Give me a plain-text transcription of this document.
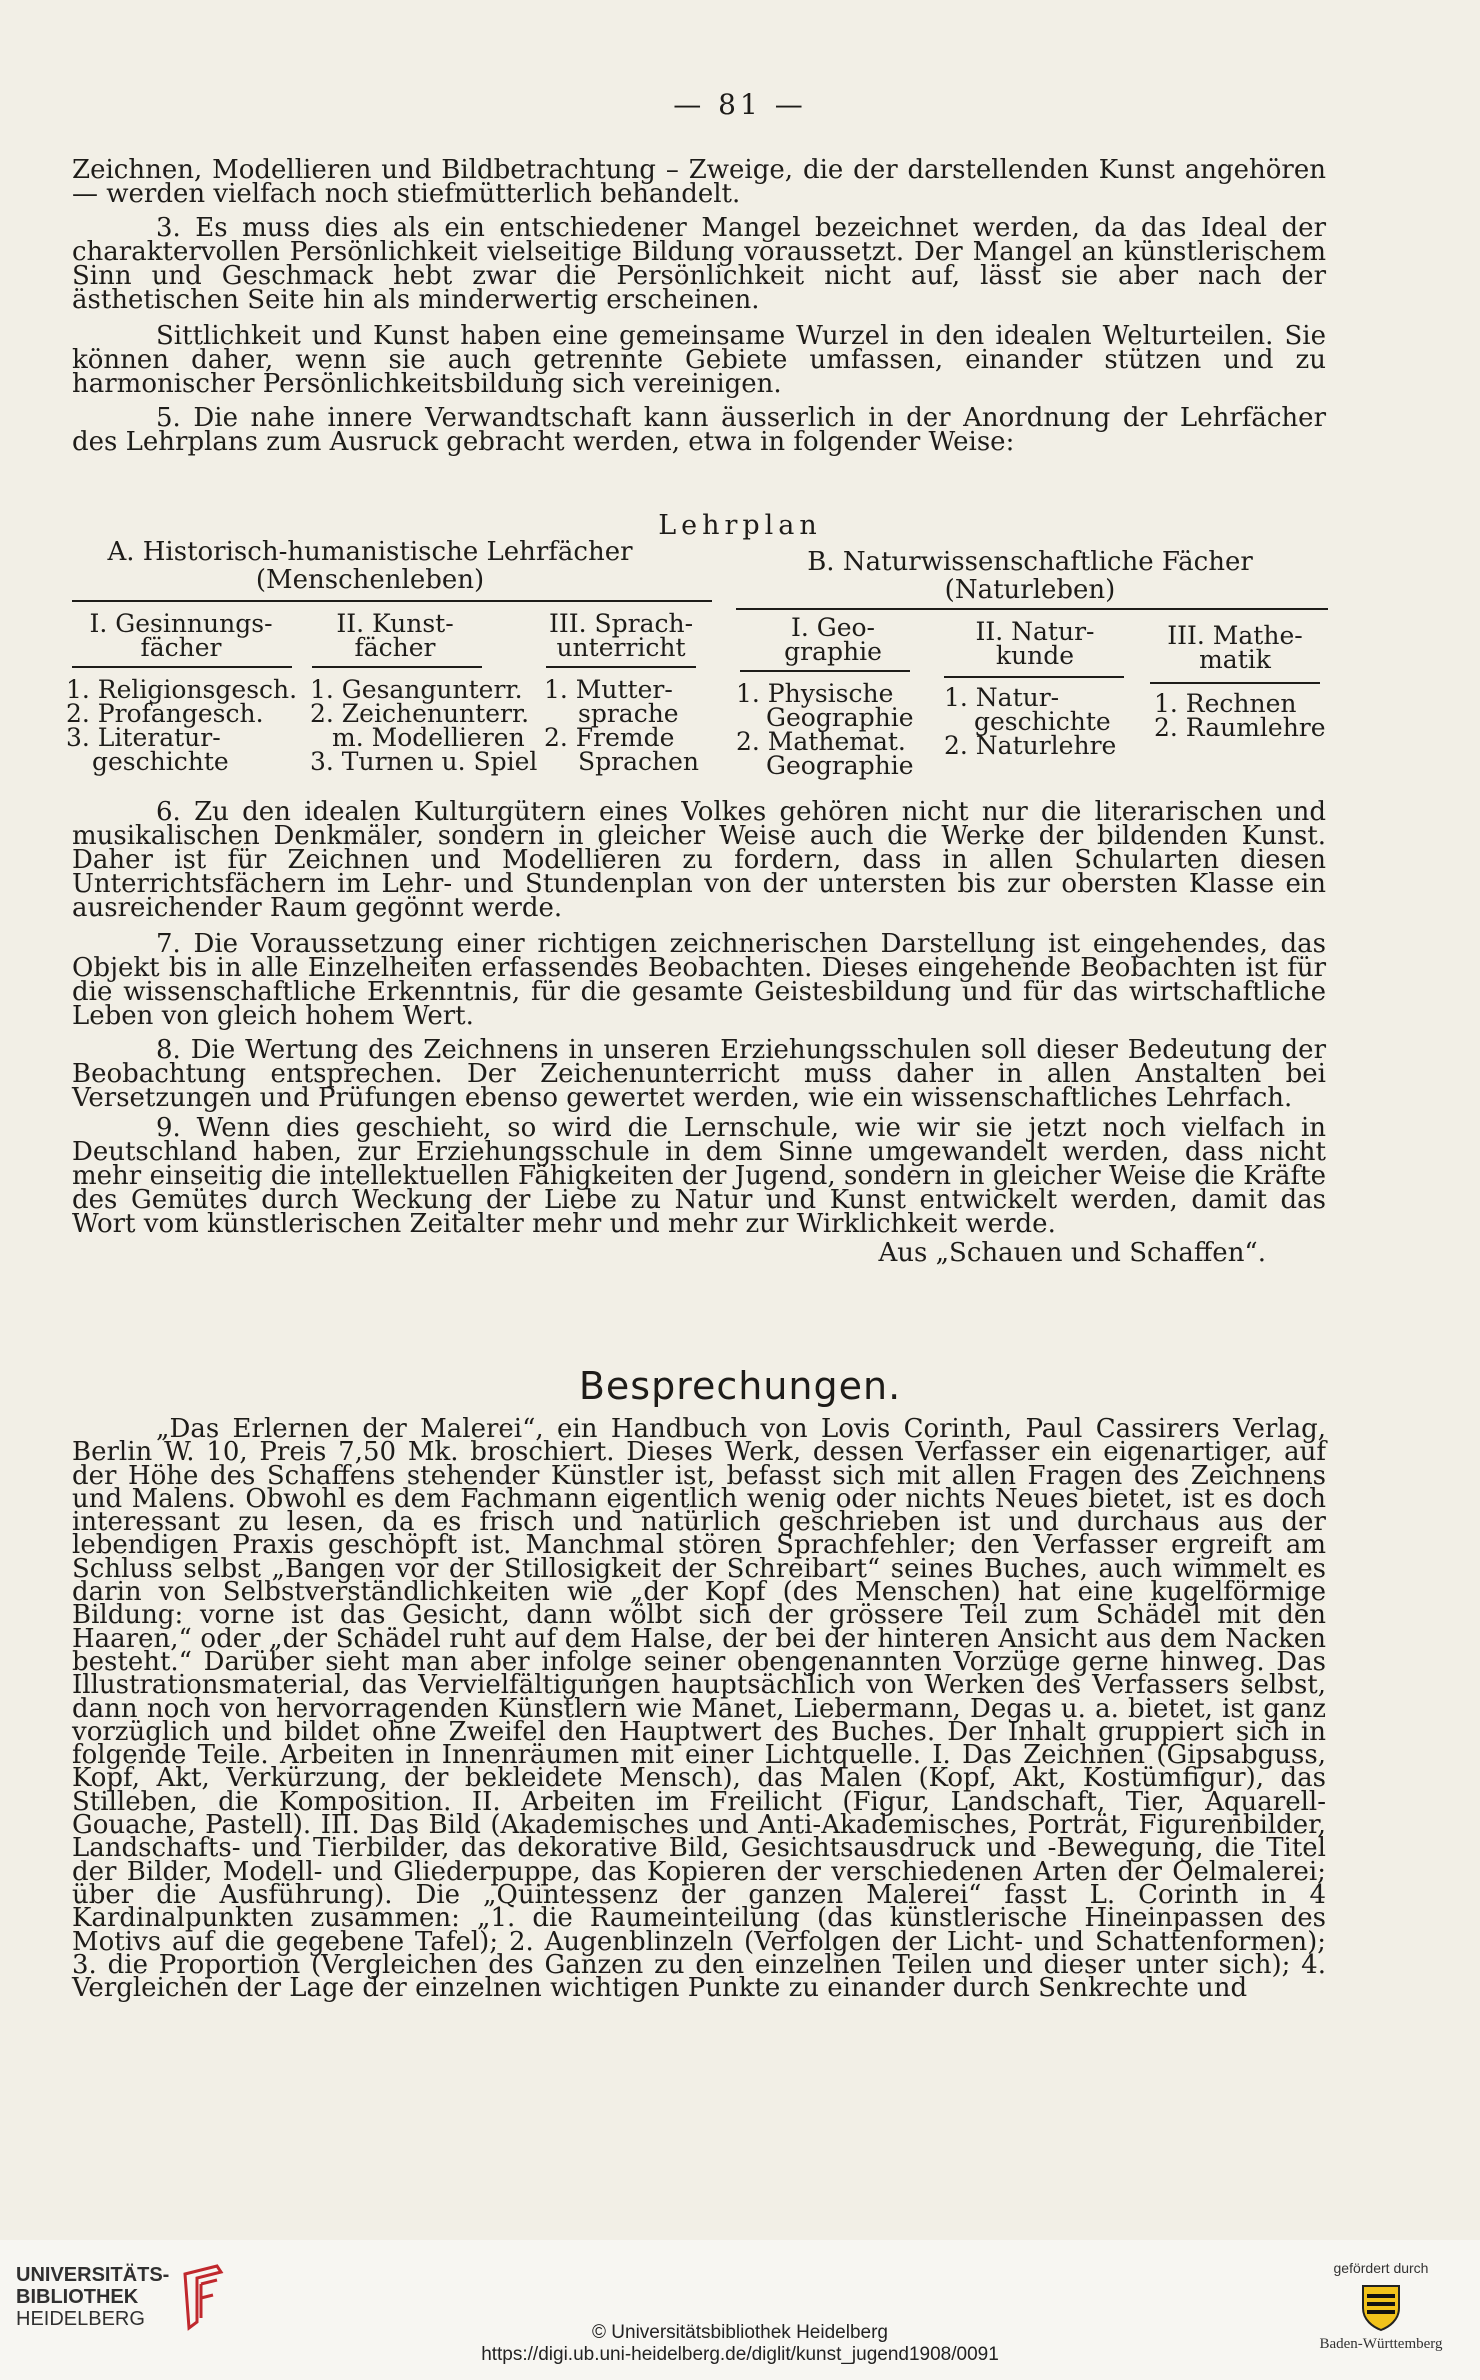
— 81 —

Zeichnen, Modellieren und Bildbetrachtung – Zweige, die der darstellenden Kunst angehören — werden vielfach noch stiefmütterlich behandelt.

3. Es muss dies als ein entschiedener Mangel bezeichnet werden, da das Ideal der charaktervollen Persönlichkeit vielseitige Bildung voraussetzt. Der Mangel an künstlerischem Sinn und Geschmack hebt zwar die Persönlichkeit nicht auf, lässt sie aber nach der ästhetischen Seite hin als minderwertig erscheinen.

Sittlichkeit und Kunst haben eine gemeinsame Wurzel in den idealen Welturteilen. Sie können daher, wenn sie auch getrennte Gebiete umfassen, einander stützen und zu harmonischer Persönlichkeitsbildung sich vereinigen.

5. Die nahe innere Verwandtschaft kann äusserlich in der Anordnung der Lehrfächer des Lehrplans zum Ausruck gebracht werden, etwa in folgender Weise:

Lehrplan
A. Historisch-humanistische Lehrfächer
(Menschenleben)
B. Naturwissenschaftliche Fächer
(Naturleben)
I. Gesinnungs-
fächer
II. Kunst-
fächer
III. Sprach-
unterricht
I. Geo-
graphie
II. Natur-
kunde
III. Mathe-
matik
1. Religionsgesch.
2. Profangesch.
3. Literatur-
geschichte
1. Gesangunterr.
2. Zeichenunterr.
m. Modellieren
3. Turnen u. Spiel
1. Mutter-
sprache
2. Fremde
Sprachen
1. Physische
Geographie
2. Mathemat.
Geographie
1. Natur-
geschichte
2. Naturlehre
1. Rechnen
2. Raumlehre

6. Zu den idealen Kulturgütern eines Volkes gehören nicht nur die literarischen und musikalischen Denkmäler, sondern in gleicher Weise auch die Werke der bildenden Kunst. Daher ist für Zeichnen und Modellieren zu fordern, dass in allen Schularten diesen Unterrichtsfächern im Lehr- und Stundenplan von der untersten bis zur obersten Klasse ein ausreichender Raum gegönnt werde.

7. Die Voraussetzung einer richtigen zeichnerischen Darstellung ist eingehendes, das Objekt bis in alle Einzelheiten erfassendes Beobachten. Dieses eingehende Beobachten ist für die wissenschaftliche Erkenntnis, für die gesamte Geistesbildung und für das wirtschaftliche Leben von gleich hohem Wert.

8. Die Wertung des Zeichnens in unseren Erziehungsschulen soll dieser Bedeutung der Beobachtung entsprechen. Der Zeichenunterricht muss daher in allen Anstalten bei Versetzungen und Prüfungen ebenso gewertet werden, wie ein wissenschaftliches Lehrfach.

9. Wenn dies geschieht, so wird die Lernschule, wie wir sie jetzt noch vielfach in Deutschland haben, zur Erziehungsschule in dem Sinne umgewandelt werden, dass nicht mehr einseitig die intellektuellen Fähigkeiten der Jugend, sondern in gleicher Weise die Kräfte des Gemütes durch Weckung der Liebe zu Natur und Kunst entwickelt werden, damit das Wort vom künstlerischen Zeitalter mehr und mehr zur Wirklichkeit werde.

Aus „Schauen und Schaffen“.
Besprechungen.

„Das Erlernen der Malerei“, ein Handbuch von Lovis Corinth, Paul Cassirers Verlag, Berlin W. 10, Preis 7,50 Mk. broschiert. Dieses Werk, dessen Verfasser ein eigenartiger, auf der Höhe des Schaffens stehender Künstler ist, befasst sich mit allen Fragen des Zeichnens und Malens. Obwohl es dem Fachmann eigentlich wenig oder nichts Neues bietet, ist es doch interessant zu lesen, da es frisch und natürlich geschrieben ist und durchaus aus der lebendigen Praxis geschöpft ist. Manchmal stören Sprachfehler; den Verfasser ergreift am Schluss selbst „Bangen vor der Stillosigkeit der Schreibart“ seines Buches, auch wimmelt es darin von Selbstverständlichkeiten wie „der Kopf (des Menschen) hat eine kugelförmige Bildung: vorne ist das Gesicht, dann wölbt sich der grössere Teil zum Schädel mit den Haaren,“ oder „der Schädel ruht auf dem Halse, der bei der hinteren Ansicht aus dem Nacken besteht.“ Darüber sieht man aber infolge seiner obengenannten Vorzüge gerne hinweg. Das Illustrationsmaterial, das Vervielfältigungen hauptsächlich von Werken des Verfassers selbst, dann noch von hervorragenden Künstlern wie Manet, Liebermann, Degas u. a. bietet, ist ganz vorzüglich und bildet ohne Zweifel den Hauptwert des Buches. Der Inhalt gruppiert sich in folgende Teile. Arbeiten in Innenräumen mit einer Lichtquelle. I. Das Zeichnen (Gipsabguss, Kopf, Akt, Verkürzung, der bekleidete Mensch), das Malen (Kopf, Akt, Kostümfigur), das Stilleben, die Komposition. II. Arbeiten im Freilicht (Figur, Landschaft, Tier, Aquarell-Gouache, Pastell). III. Das Bild (Akademisches und Anti-Akademisches, Porträt, Figurenbilder, Landschafts- und Tierbilder, das dekorative Bild, Gesichtsausdruck und -Bewegung, die Titel der Bilder, Modell- und Gliederpuppe, das Kopieren der verschiedenen Arten der Oelmalerei; über die Ausführung). Die „Quintessenz der ganzen Malerei“ fasst L. Corinth in 4 Kardinalpunkten zusammen: „1. die Raumeinteilung (das künstlerische Hineinpassen des Motivs auf die gegebene Tafel); 2. Augenblinzeln (Verfolgen der Licht- und Schattenformen); 3. die Proportion (Vergleichen des Ganzen zu den einzelnen Teilen und dieser unter sich); 4. Vergleichen der Lage der einzelnen wichtigen Punkte zu einander durch Senkrechte und

UNIVERSITÄTS-
BIBLIOTHEK
HEIDELBERG
© Universitätsbibliothek Heidelberg
https://digi.ub.uni-heidelberg.de/diglit/kunst_jugend1908/0091
gefördert durch
Baden-Württemberg
